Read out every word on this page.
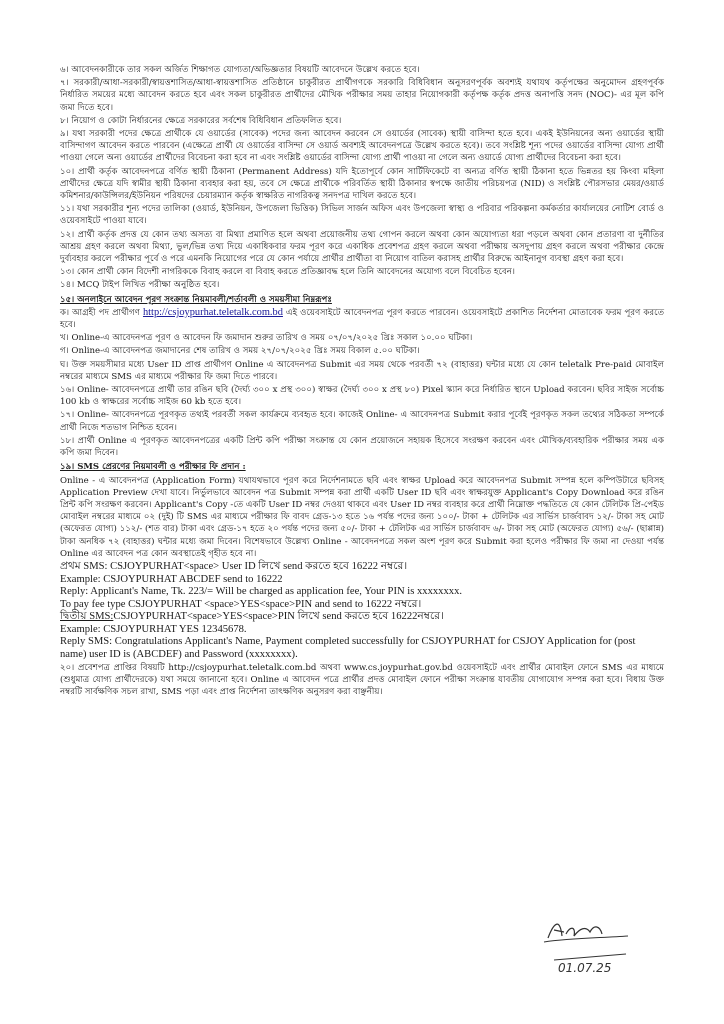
৬। আবেদনকারীকে তার সকল অর্জিত শিক্ষাগত যোগ্যতা/অভিজ্ঞতার বিষয়টি আবেদনে উল্লেখ করতে হবে।

৭। সরকারী/আধা-সরকারী/স্বায়ত্তশাসিত/আধা-স্বায়ত্তশাসিত প্রতিষ্ঠানে চাকুরীরত প্রার্থীগণকে সরকারি বিধিবিধান অনুসরণপূর্বক অবশ্যই যথাযথ কর্তৃপক্ষের অনুমোদন গ্রহণপূর্বক নির্ধারিত সময়ের মধ্যে আবেদন করতে হবে এবং সকল চাকুরীরত প্রার্থীদের মৌখিক পরীক্ষার সময় তাহার নিয়োগকারী কর্তৃপক্ষ কর্তৃক প্রদত্ত অনাপত্তি সনদ (NOC)- এর মূল কপি জমা দিতে হবে।

৮। নিয়োগ ও কোটা নির্ধারনের ক্ষেত্রে সরকারের সর্বশেষ বিধিবিধান প্রতিফলিত হবে।

৯। যথা সরকারী পদের ক্ষেত্রে প্রার্থীকে যে ওয়ার্ডের (সাবেক) পদের জন্য আবেদন করবেন সে ওয়ার্ডের (সাবেক) স্থায়ী বাসিন্দা হতে হবে। একই ইউনিয়নের অন্য ওয়ার্ডের স্থায়ী বাসিন্দাগণ আবেদন করতে পারবেন (এক্ষেত্রে প্রার্থী যে ওয়ার্ডের বাসিন্দা সে ওয়ার্ড অবশ্যই আবেদনপত্রে উল্লেখ করতে হবে)। তবে সংশ্লিষ্ট শূন্য পদের ওয়ার্ডের বাসিন্দা যোগ্য প্রার্থী পাওয়া গেলে অন্য ওয়ার্ডের প্রার্থীদের বিবেচনা করা হবে না এবং সংশ্লিষ্ট ওয়ার্ডের বাসিন্দা যোগ্য প্রার্থী পাওয়া না গেলে অন্য ওয়ার্ডে যোগ্য প্রার্থীদের বিবেচনা করা হবে।

১০। প্রার্থী কর্তৃক আবেদনপত্রে বর্ণিত স্থায়ী ঠিকানা (Permanent Address) যদি ইতোপূর্বে কোন সার্টিফিকেটে বা অন্যত্র বর্ণিত স্থায়ী ঠিকানা হতে ভিন্নতর হয় কিংবা মহিলা প্রার্থীদের ক্ষেত্রে যদি স্বামীর স্থায়ী ঠিকানা ব্যবহার করা হয়, তবে সে ক্ষেত্রে প্রার্থীকে পরিবর্তিত স্থায়ী ঠিকানার স্বপক্ষে জাতীয় পরিচয়পত্র (NID) ও সংশ্লিষ্ট পৌরসভার মেয়র/ওয়ার্ড কমিশনার/কাউন্সিলর/ইউনিয়ন পরিষদের চেয়ারম্যান কর্তৃক স্বাক্ষরিত নাগরিকত্ব সনদপত্র দাখিল করতে হবে।

১১। যথা সরকারীর শূন্য পদের তালিকা (ওয়ার্ড, ইউনিয়ন, উপজেলা ভিত্তিক) সিভিল সার্জন অফিস এবং উপজেলা স্বাস্থ্য ও পরিবার পরিকল্পনা কর্মকর্তার কার্যালয়ের নোটিশ বোর্ড ও ওয়েবসাইটে পাওয়া যাবে।

১২। প্রার্থী কর্তৃক প্রদত্ত যে কোন তথ্য অসত্য বা মিথ্যা প্রমাণিত হলে অথবা প্রয়োজনীয় তথ্য গোপন করলে অথবা কোন অযোগ্যতা ধরা পড়লে অথবা কোন প্রতারণা বা দুর্নীতির আশ্রয় গ্রহণ করলে অথবা মিথ্যা, ভুল/ভিন্ন তথ্য দিয়ে একাধিকবার ফরম পূরণ করে একাধিক প্রবেশপত্র গ্রহণ করলে অথবা পরীক্ষায় অসদুপায় গ্রহণ করলে অথবা পরীক্ষার কেন্দ্রে দুর্ব্যবহার করলে পরীক্ষার পূর্বে ও পরে এমনকি নিয়োগের পরে যে কোন পর্যায়ে প্রার্থীর প্রার্থীতা বা নিয়োগ বাতিল করাসহ প্রার্থীর বিরুদ্ধে আইনানুগ ব্যবস্থা গ্রহণ করা হবে।

১৩। কোন প্রার্থী কোন বিদেশী নাগরিককে বিবাহ করলে বা বিবাহ করতে প্রতিজ্ঞাবদ্ধ হলে তিনি আবেদনের অযোগ্য বলে বিবেচিত হবেন।

১৪। MCQ টাইপ লিখিত পরীক্ষা অনুষ্ঠিত হবে।

১৫। অনলাইনে আবেদন পূরণ সংক্রান্ত নিয়মাবলী/শর্তাবলী ও সময়সীমা নিম্নরূপঃ

ক। আগ্রহী পদ প্রার্থীগণ http://csjoypurhat.teletalk.com.bd এই ওয়েবসাইটে আবেদনপত্র পূরণ করতে পারবেন। ওয়েবসাইটে প্রকাশিত নির্দেশনা মোতাবেক ফরম পূরণ করতে হবে।

খ। Online-এ আবেদনপত্র পূরণ ও আবেদন ফি জমাদান শুরুর তারিখ ও সময় ০৭/০৭/২০২৫ খ্রিঃ সকাল ১০.০০ ঘটিকা।

গ। Online-এ আবেদনপত্র জমাদানের শেষ তারিখ ও সময় ২৭/০৭/২০২৫ খ্রিঃ সময় বিকাল ৫.০০ ঘটিকা।

ঘ। উক্ত সময়সীমার মধ্যে User ID প্রাপ্ত প্রার্থীগণ Online এ আবেদনপত্র Submit এর সময় থেকে পরবর্তী ৭২ (বাহাত্তর) ঘন্টার মধ্যে যে কোন teletalk Pre-paid মোবাইল নম্বরের মাধ্যমে SMS এর মাধ্যমে পরীক্ষার ফি জমা দিতে পারবে।

১৬। Online- আবেদনপত্রে প্রার্থী তার রঙিন ছবি (দৈর্ঘ্য ৩০০ x প্রস্থ ৩০০) স্বাক্ষর (দৈর্ঘ্য ৩০০ x প্রস্থ ৮০) Pixel স্ক্যান করে নির্ধারিত স্থানে Upload করবেন। ছবির সাইজ সর্বোচ্চ 100 kb ও স্বাক্ষরের সর্বোচ্চ সাইজ 60 kb হতে হবে।

১৭। Online- আবেদনপত্রে পূরণকৃত তথ্যই পরবর্তী সকল কার্যক্রমে ব্যবহৃত হবে। কাজেই Online- এ আবেদনপত্র Submit করার পূর্বেই পূরণকৃত সকল তথ্যের সঠিকতা সম্পর্কে প্রার্থী নিজে শতভাগ নিশ্চিত হবেন।

১৮। প্রার্থী Online এ পূরণকৃত আবেদনপত্রের একটি প্রিন্ট কপি পরীক্ষা সংক্রান্ত যে কোন প্রয়োজনে সহায়ক হিসেবে সংরক্ষণ করবেন এবং মৌখিক/ব্যবহারিক পরীক্ষার সময় এক কপি জমা দিবেন।

১৯। SMS প্রেরণের নিয়মাবলী ও পরীক্ষার ফি প্রদান :

Online - এ আবেদনপত্র (Application Form) যথাযথভাবে পূরণ করে নির্দেশনামতে ছবি এবং স্বাক্ষর Upload করে আবেদনপত্র Submit সম্পন্ন হলে কম্পিউটারে ছবিসহ Application Preview দেখা যাবে। নির্ভুলভাবে আবেদন পত্র Submit সম্পন্ন করা প্রার্থী একটি User ID ছবি এবং স্বাক্ষরযুক্ত Applicant's Copy Download করে রঙিন প্রিন্ট কপি সংরক্ষণ করবেন। Applicant's Copy -তে একটি User ID নম্বর দেওয়া থাকবে এবং User ID নম্বর ব্যবহার করে প্রার্থী নিম্নোক্ত পদ্ধতিতে যে কোন টেলিটক প্রি-পেইড মোবাইল নম্বরের মাধ্যমে ০২ (দুই) টি SMS এর মাধ্যমে পরীক্ষার ফি বাবদ গ্রেড-১৩ হতে ১৬ পর্যন্ত পদের জন্য ১০০/- টাকা + টেলিটক এর সার্ভিস চার্জবাবদ ১২/- টাকা সহ মোট (অফেরত যোগ্য) ১১২/- (শত বার) টাকা এবং গ্রেড-১৭ হতে ২০ পর্যন্ত পদের জন্য ৫০/- টাকা + টেলিটক এর সার্ভিস চার্জবাবদ ৬/- টাকা সহ মোট (অফেরত যোগ্য) ৫৬/- (ছাপ্পান্ন) টাকা অনধিক ৭২ (বাহাত্তর) ঘন্টার মধ্যে জমা দিবেন। বিশেষভাবে উল্লেখ্য Online - আবেদনপত্রে সকল অংশ পূরণ করে Submit করা হলেও পরীক্ষার ফি জমা না দেওয়া পর্যন্ত Online এর আবেদন পত্র কোন অবস্থাতেই গৃহীত হবে না।

প্রথম SMS: CSJOYPURHAT<space> User ID লিখে send করতে হবে 16222 নম্বরে।

Example: CSJOYPURHAT ABCDEF send to 16222

Reply: Applicant's Name, Tk. 223/= Will be charged as application fee, Your PIN is xxxxxxxx.

To pay fee type CSJOYPURHAT <space>YES<space>PIN and send to 16222 নম্বরে।

দ্বিতীয় SMS:CSJOYPURHAT<space>YES<space>PIN লিখে send করতে হবে 16222নম্বরে।

Example: CSJOYPURHAT YES 12345678.

Reply SMS: Congratulations Applicant's Name, Payment completed successfully for CSJOYPURHAT for CSJOY Application for (post name) user ID is (ABCDEF) and Password (xxxxxxxx).

২০। প্রবেশপত্র প্রাপ্তির বিষয়টি http://csjoypurhat.teletalk.com.bd অথবা www.cs.joypurhat.gov.bd ওয়েবসাইটে এবং প্রার্থীর মোবাইল ফোনে SMS এর মাধ্যমে (শুধুমাত্র যোগ্য প্রার্থীদেরকে) যথা সময়ে জানানো হবে। Online এ আবেদন পত্রে প্রার্থীর প্রদত্ত মোবাইল ফোনে পরীক্ষা সংক্রান্ত যাবতীয় যোগাযোগ সম্পন্ন করা হবে। বিধায় উক্ত নম্বরটি সার্বক্ষণিক সচল রাখা, SMS পড়া এবং প্রাপ্ত নির্দেশনা তাৎক্ষণিক অনুসরণ করা বাঞ্ছনীয়।

01.07.25
